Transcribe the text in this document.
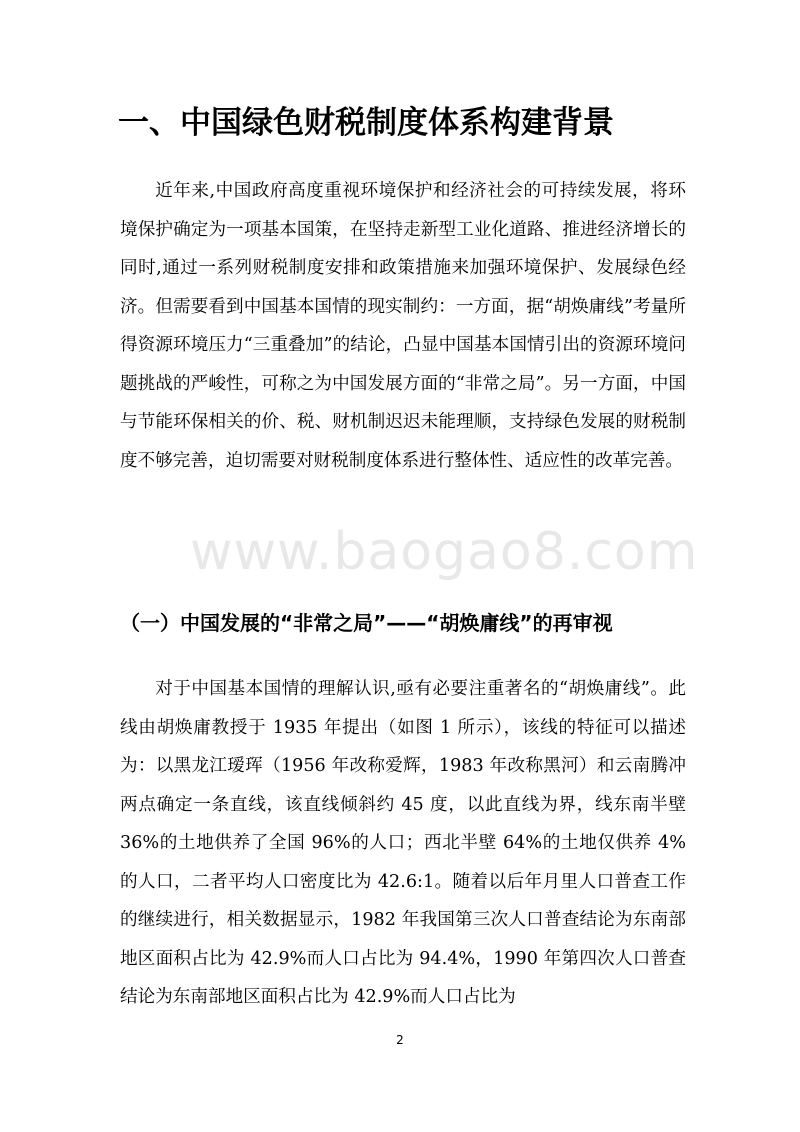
一、中国绿色财税制度体系构建背景

近年来,中国政府高度重视环境保护和经济社会的可持续发展，将环境保护确定为一项基本国策，在坚持走新型工业化道路、推进经济增长的同时,通过一系列财税制度安排和政策措施来加强环境保护、发展绿色经济。但需要看到中国基本国情的现实制约：一方面，据“胡焕庸线”考量所得资源环境压力“三重叠加”的结论，凸显中国基本国情引出的资源环境问题挑战的严峻性，可称之为中国发展方面的“非常之局”。另一方面，中国与节能环保相关的价、税、财机制迟迟未能理顺，支持绿色发展的财税制度不够完善，迫切需要对财税制度体系进行整体性、适应性的改革完善。

www.baogao8.com
（一）中国发展的“非常之局”——“胡焕庸线”的再审视

对于中国基本国情的理解认识,亟有必要注重著名的“胡焕庸线”。此线由胡焕庸教授于 1935 年提出（如图 1 所示），该线的特征可以描述为：以黑龙江瑷珲（1956 年改称爱辉，1983 年改称黑河）和云南腾冲两点确定一条直线，该直线倾斜约 45 度，以此直线为界，线东南半壁 36%的土地供养了全国 96%的人口；西北半壁 64%的土地仅供养 4%的人口，二者平均人口密度比为 42.6:1。随着以后年月里人口普查工作的继续进行，相关数据显示，1982 年我国第三次人口普查结论为东南部地区面积占比为 42.9%而人口占比为 94.4%，1990 年第四次人口普查结论为东南部地区面积占比为 42.9%而人口占比为

2
